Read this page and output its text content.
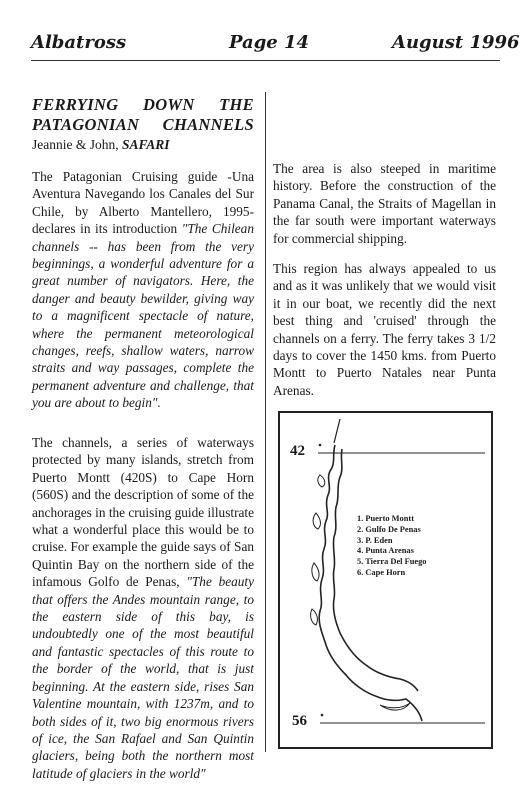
Albatross	Page 14	August 1996
FERRYING DOWN THE PATAGONIAN CHANNELS
Jeannie & John, SAFARI
The Patagonian Cruising guide -Una Aventura Navegando los Canales del Sur Chile, by Alberto Mantellero, 1995- declares in its introduction "The Chilean channels -- has been from the very beginnings, a wonderful adventure for a great number of navigators. Here, the danger and beauty bewilder, giving way to a magnificent spectacle of nature, where the permanent meteorological changes, reefs, shallow waters, narrow straits and way passages, complete the permanent adventure and challenge, that you are about to begin".
The channels, a series of waterways protected by many islands, stretch from Puerto Montt (420S) to Cape Horn (560S) and the description of some of the anchorages in the cruising guide illustrate what a wonderful place this would be to cruise. For example the guide says of San Quintin Bay on the northern side of the infamous Golfo de Penas, "The beauty that offers the Andes mountain range, to the eastern side of this bay, is undoubtedly one of the most beautiful and fantastic spectacles of this route to the border of the world, that is just beginning. At the eastern side, rises San Valentine mountain, with 1237m, and to both sides of it, two big enormous rivers of ice, the San Rafael and San Quintin glaciers, being both the northern most latitude of glaciers in the world"
The area is also steeped in maritime history. Before the construction of the Panama Canal, the Straits of Magellan in the far south were important waterways for commercial shipping.
This region has always appealed to us and as it was unlikely that we would visit it in our boat, we recently did the next best thing and 'cruised' through the channels on a ferry. The ferry takes 3 1/2 days to cover the 1450 kms. from Puerto Montt to Puerto Natales near Punta Arenas.
42
56
1. Puerto Montt
2. Gulfo De Penas
3. P. Eden
4. Punta Arenas
5. Tierra Del Fuego
6. Cape Horn
